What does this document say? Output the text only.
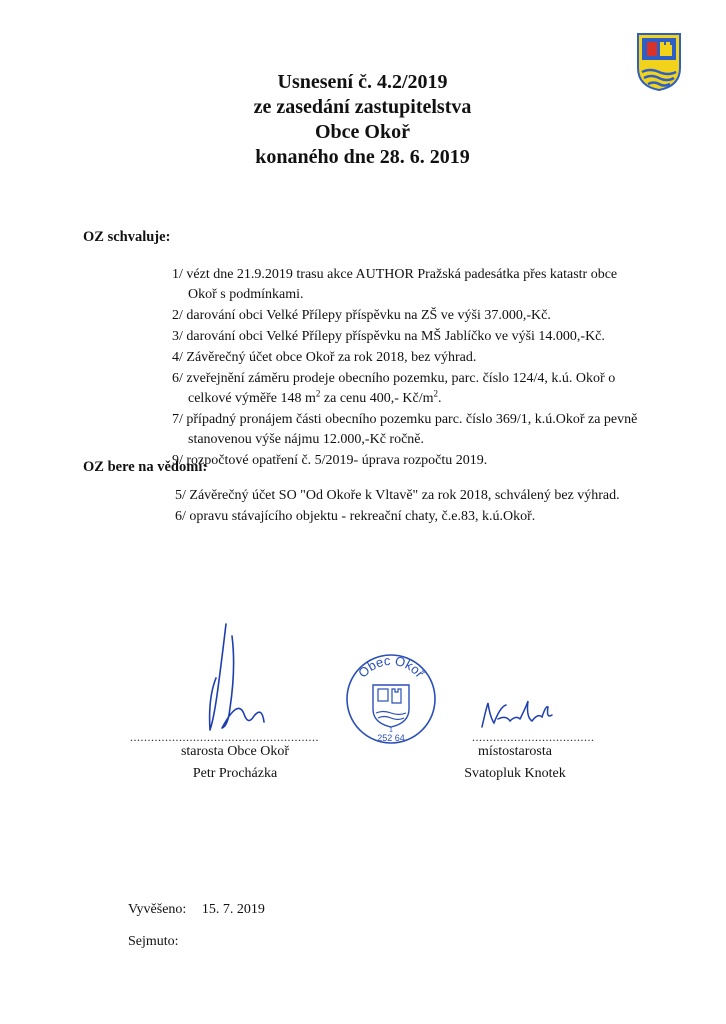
Usnesení č. 4.2/2019
ze zasedání zastupitelstva
Obce Okoř
konaného dne 28. 6. 2019
OZ schvaluje:
1/ vézt dne 21.9.2019 trasu akce AUTHOR Pražská padesátka přes katastr obce Okoř s podmínkami.
2/ darování obci Velké Přílepy příspěvku na ZŠ ve výši 37.000,-Kč.
3/ darování obci Velké Přílepy příspěvku na MŠ Jablíčko ve výši 14.000,-Kč.
4/ Závěrečný účet obce Okoř za rok 2018, bez výhrad.
6/ zveřejnění záměru prodeje obecního pozemku, parc. číslo 124/4, k.ú. Okoř o celkové výměře 148 $m^2$ za cenu 400,- $Kč/m^2$.
7/ případný pronájem části obecního pozemku parc. číslo 369/1, k.ú.Okoř za pevně stanovenou výše nájmu 12.000,-Kč ročně.
9/ rozpočtové opatření č. 5/2019- úprava rozpočtu 2019.
OZ bere na vědomí:
5/ Závěrečný účet SO "Od Okoře k Vltavě" za rok 2018, schválený bez výhrad.
6/ opravu stávajícího objektu - rekreační chaty, č.e.83, k.ú.Okoř.
Obec Okoř
1
252 64
......................................................	...................................
starosta Obce Okoř
Petr Procházka
místostarosta
Svatopluk Knotek
Vyvěšeno: 15. 7. 2019
Sejmuto:
